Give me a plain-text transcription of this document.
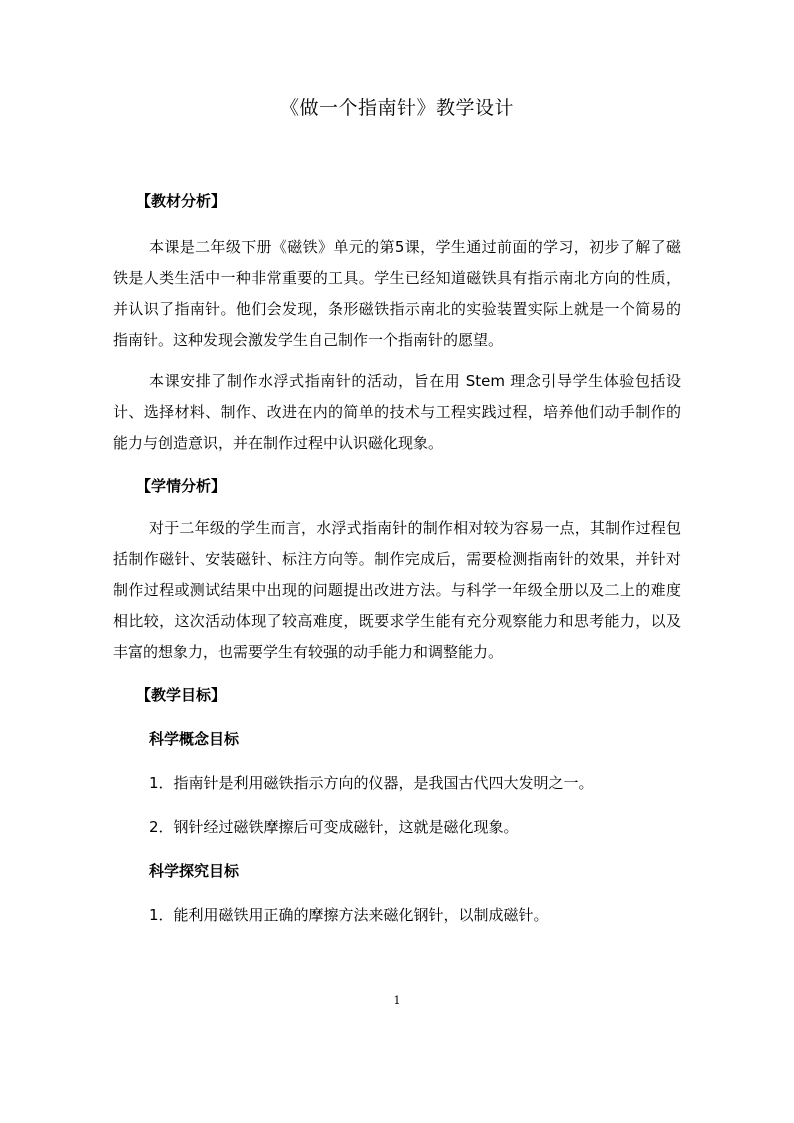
《做一个指南针》教学设计
【教材分析】

本课是二年级下册《磁铁》单元的第5课，学生通过前面的学习，初步了解了磁铁是人类生活中一种非常重要的工具。学生已经知道磁铁具有指示南北方向的性质，并认识了指南针。他们会发现，条形磁铁指示南北的实验装置实际上就是一个简易的指南针。这种发现会激发学生自己制作一个指南针的愿望。

本课安排了制作水浮式指南针的活动，旨在用 Stem 理念引导学生体验包括设计、选择材料、制作、改进在内的简单的技术与工程实践过程，培养他们动手制作的能力与创造意识，并在制作过程中认识磁化现象。

【学情分析】

对于二年级的学生而言，水浮式指南针的制作相对较为容易一点，其制作过程包括制作磁针、安装磁针、标注方向等。制作完成后，需要检测指南针的效果，并针对制作过程或测试结果中出现的问题提出改进方法。与科学一年级全册以及二上的难度相比较，这次活动体现了较高难度，既要求学生能有充分观察能力和思考能力，以及丰富的想象力，也需要学生有较强的动手能力和调整能力。

【教学目标】
科学概念目标
1．指南针是利用磁铁指示方向的仪器，是我国古代四大发明之一。
2．钢针经过磁铁摩擦后可变成磁针，这就是磁化现象。
科学探究目标
1．能利用磁铁用正确的摩擦方法来磁化钢针，以制成磁针。
1
